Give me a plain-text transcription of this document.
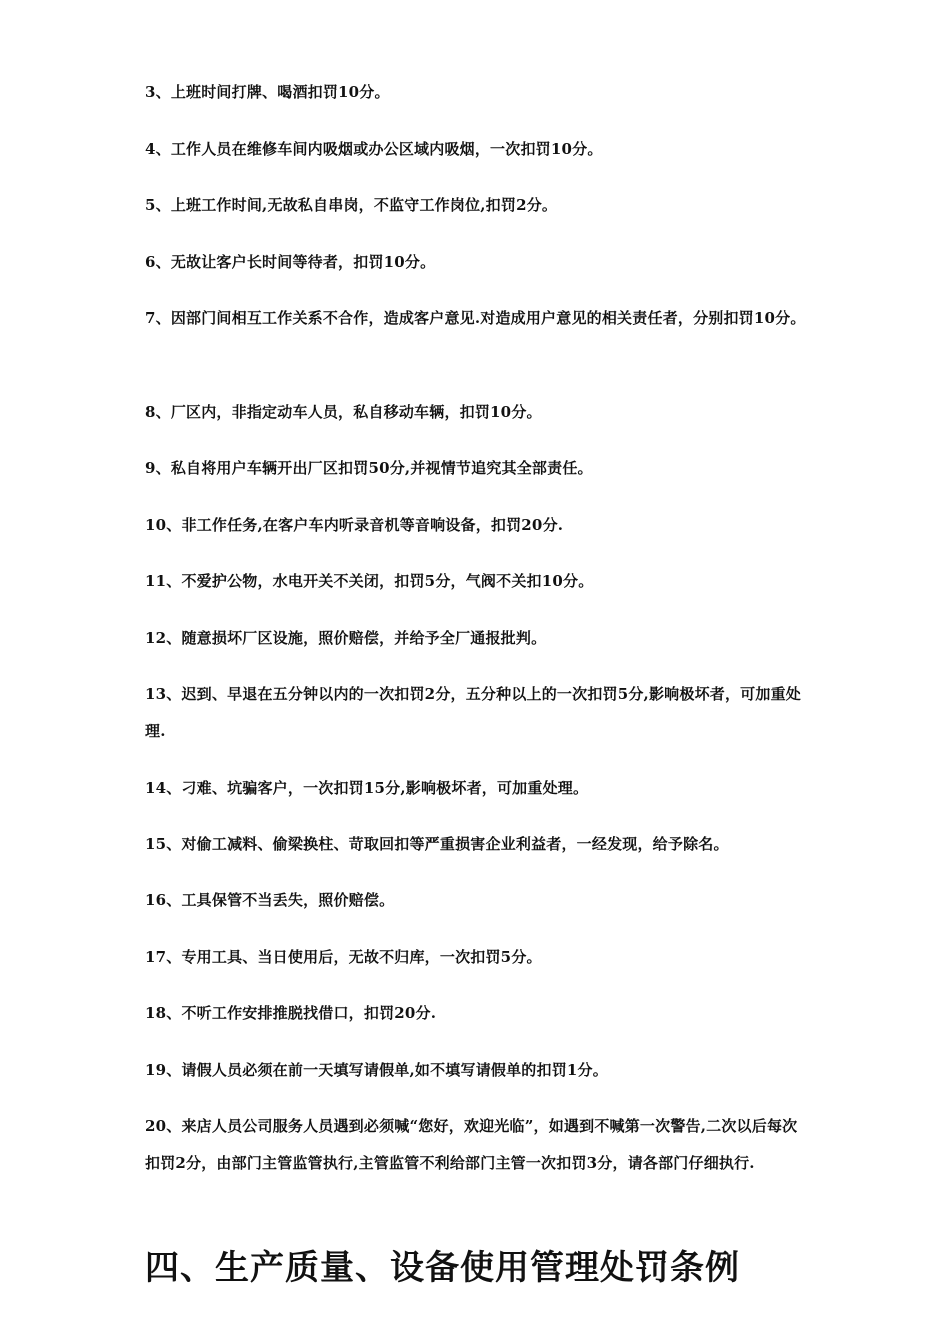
3、上班时间打牌、喝酒扣罚10分。
4、工作人员在维修车间内吸烟或办公区域内吸烟，一次扣罚10分。
5、上班工作时间,无故私自串岗，不监守工作岗位,扣罚2分。
6、无故让客户长时间等待者，扣罚10分。
7、因部门间相互工作关系不合作，造成客户意见.对造成用户意见的相关责任者，分别扣罚10分。
8、厂区内，非指定动车人员，私自移动车辆，扣罚10分。
9、私自将用户车辆开出厂区扣罚50分,并视情节追究其全部责任。
10、非工作任务,在客户车内听录音机等音响设备，扣罚20分.
11、不爱护公物，水电开关不关闭，扣罚5分，气阀不关扣10分。
12、随意损坏厂区设施，照价赔偿，并给予全厂通报批判。
13、迟到、早退在五分钟以内的一次扣罚2分，五分种以上的一次扣罚5分,影响极坏者，可加重处理.
14、刁难、坑骗客户，一次扣罚15分,影响极坏者，可加重处理。
15、对偷工减料、偷梁换柱、苛取回扣等严重损害企业利益者，一经发现，给予除名。
16、工具保管不当丢失，照价赔偿。
17、专用工具、当日使用后，无故不归库，一次扣罚5分。
18、不听工作安排推脱找借口，扣罚20分.
19、请假人员必须在前一天填写请假单,如不填写请假单的扣罚1分。
20、来店人员公司服务人员遇到必须喊“您好，欢迎光临”，如遇到不喊第一次警告,二次以后每次扣罚2分，由部门主管监管执行,主管监管不利给部门主管一次扣罚3分，请各部门仔细执行.
四、生产质量、设备使用管理处罚条例
